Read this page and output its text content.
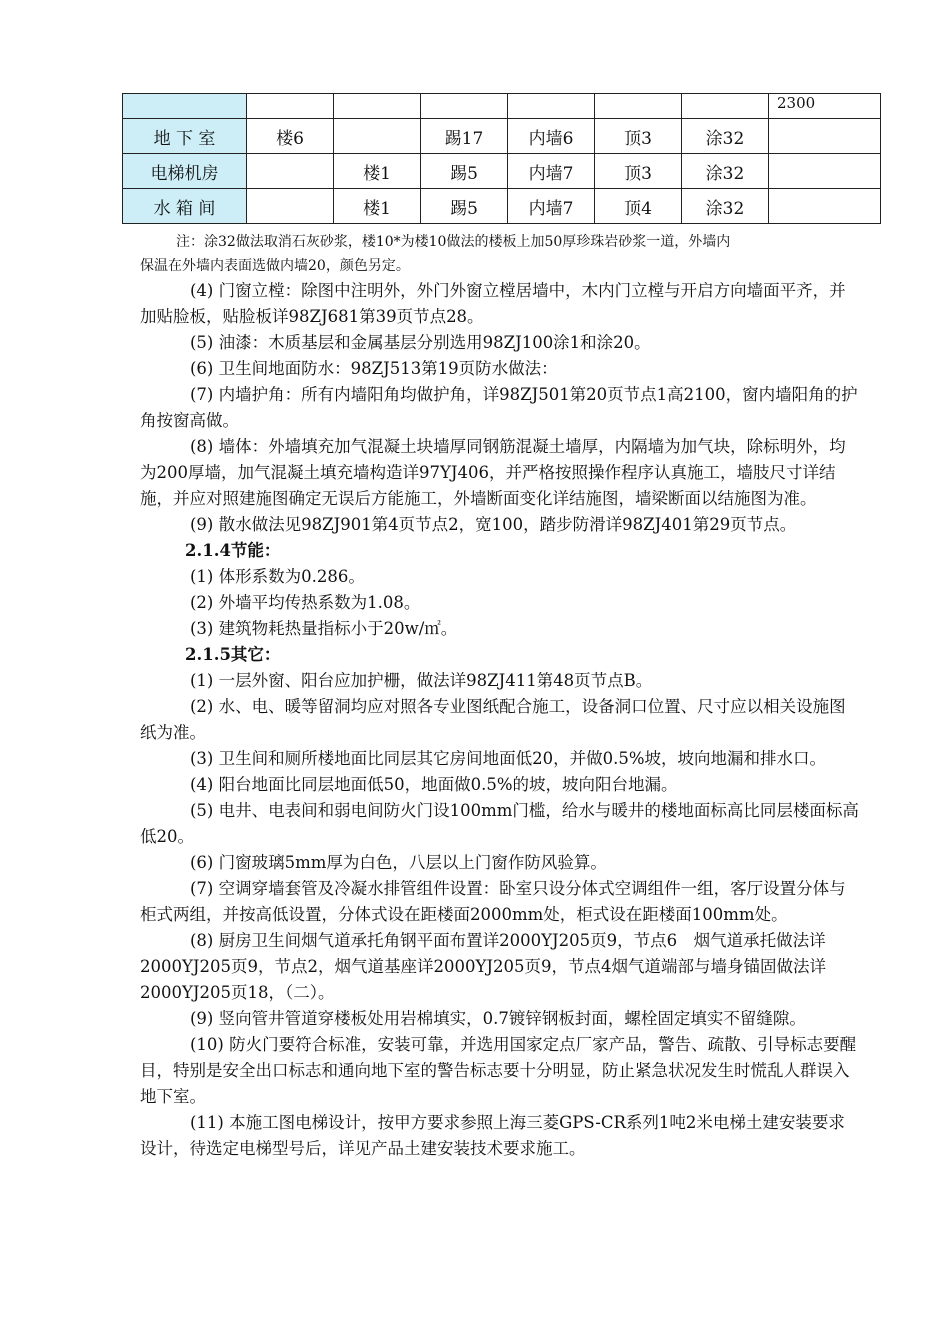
							2300
地 下 室	楼6		踢17	内墙6	顶3	涂32	
电梯机房		楼1	踢5	内墙7	顶3	涂32	
水 箱 间		楼1	踢5	内墙7	顶4	涂32	
注：涂32做法取消石灰砂浆，楼10*为楼10做法的楼板上加50厚珍珠岩砂浆一道，外墙内
保温在外墙内表面选做内墙20，颜色另定。

(4) 门窗立樘：除图中注明外，外门外窗立樘居墙中，木内门立樘与开启方向墙面平齐，并加贴脸板，贴脸板详98ZJ681第39页节点28。

(5) 油漆：木质基层和金属基层分别选用98ZJ100涂1和涂20。

(6) 卫生间地面防水：98ZJ513第19页防水做法：

(7) 内墙护角：所有内墙阳角均做护角，详98ZJ501第20页节点1高2100，窗内墙阳角的护角按窗高做。

(8) 墙体：外墙填充加气混凝土块墙厚同钢筋混凝土墙厚，内隔墙为加气块，除标明外，均为200厚墙，加气混凝土填充墙构造详97YJ406，并严格按照操作程序认真施工，墙肢尺寸详结施，并应对照建施图确定无误后方能施工，外墙断面变化详结施图，墙梁断面以结施图为准。

(9) 散水做法见98ZJ901第4页节点2，宽100，踏步防滑详98ZJ401第29页节点。

2.1.4节能：

(1) 体形系数为0.286。

(2) 外墙平均传热系数为1.08。

(3) 建筑物耗热量指标小于20w/㎡。

2.1.5其它：

(1) 一层外窗、阳台应加护栅，做法详98ZJ411第48页节点B。

(2) 水、电、暖等留洞均应对照各专业图纸配合施工，设备洞口位置、尺寸应以相关设施图纸为准。

(3) 卫生间和厕所楼地面比同层其它房间地面低20，并做0.5%坡，坡向地漏和排水口。

(4) 阳台地面比同层地面低50，地面做0.5%的坡，坡向阳台地漏。

(5) 电井、电表间和弱电间防火门设100mm门槛，给水与暖井的楼地面标高比同层楼面标高低20。

(6) 门窗玻璃5mm厚为白色，八层以上门窗作防风验算。

(7) 空调穿墙套管及冷凝水排管组件设置：卧室只设分体式空调组件一组，客厅设置分体与柜式两组，并按高低设置，分体式设在距楼面2000mm处，柜式设在距楼面100mm处。

(8) 厨房卫生间烟气道承托角钢平面布置详2000YJ205页9，节点6　烟气道承托做法详2000YJ205页9，节点2，烟气道基座详2000YJ205页9，节点4烟气道端部与墙身锚固做法详2000YJ205页18，（二）。

(9) 竖向管井管道穿楼板处用岩棉填实，0.7镀锌钢板封面，螺栓固定填实不留缝隙。

(10) 防火门要符合标准，安装可靠，并选用国家定点厂家产品，警告、疏散、引导标志要醒目，特别是安全出口标志和通向地下室的警告标志要十分明显，防止紧急状况发生时慌乱人群误入地下室。

(11) 本施工图电梯设计，按甲方要求参照上海三菱GPS-CR系列1吨2米电梯土建安装要求设计，待选定电梯型号后，详见产品土建安装技术要求施工。
